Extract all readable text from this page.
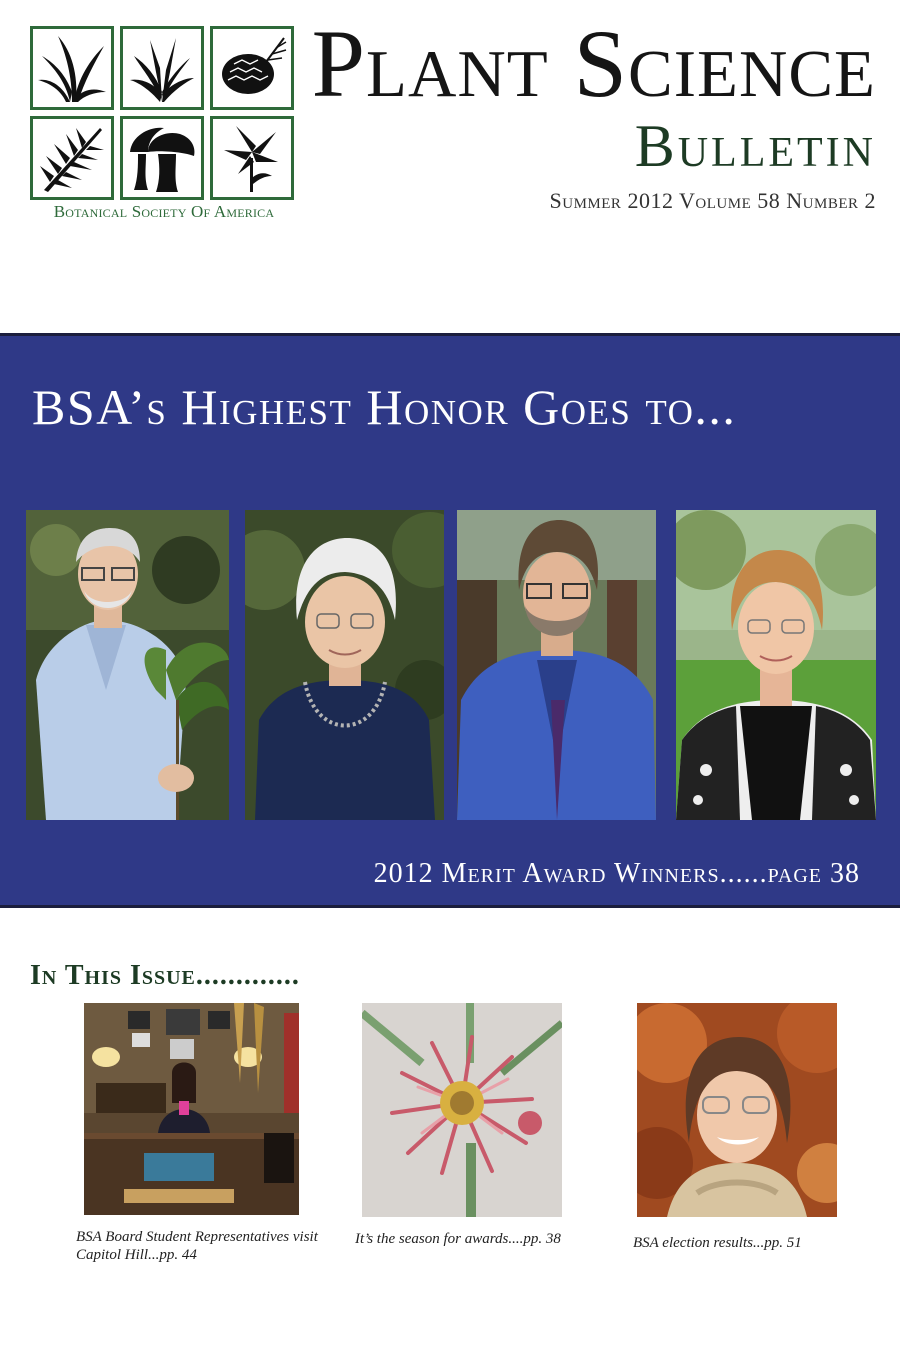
Botanical Society Of America
Plant Science
Bulletin
Summer 2012 Volume 58 Number 2
BSA’s Highest Honor Goes to...
2012 Merit Award Winners......page 38
In This Issue.............
BSA Board Student Representatives visit Capitol Hill...pp. 44
It’s the season for awards....pp. 38	BSA election results...pp. 51
